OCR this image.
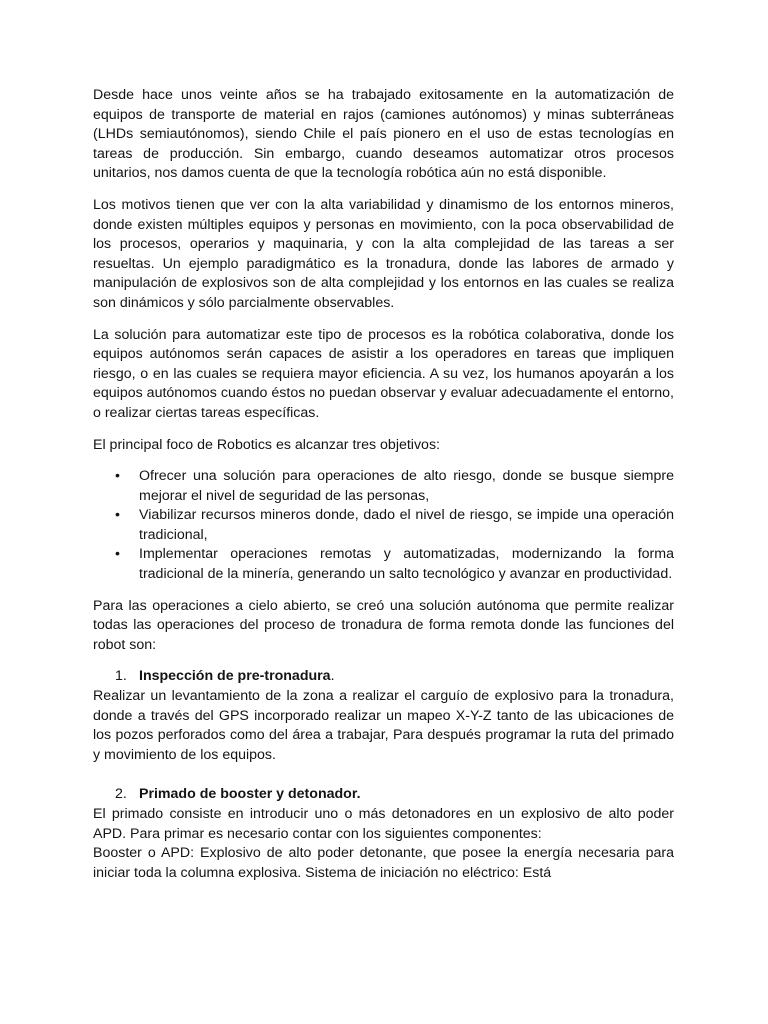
Desde hace unos veinte años se ha trabajado exitosamente en la automatización de equipos de transporte de material en rajos (camiones autónomos) y minas subterráneas (LHDs semiautónomos), siendo Chile el país pionero en el uso de estas tecnologías en tareas de producción. Sin embargo, cuando deseamos automatizar otros procesos unitarios, nos damos cuenta de que la tecnología robótica aún no está disponible.

Los motivos tienen que ver con la alta variabilidad y dinamismo de los entornos mineros, donde existen múltiples equipos y personas en movimiento, con la poca observabilidad de los procesos, operarios y maquinaria, y con la alta complejidad de las tareas a ser resueltas. Un ejemplo paradigmático es la tronadura, donde las labores de armado y manipulación de explosivos son de alta complejidad y los entornos en las cuales se realiza son dinámicos y sólo parcialmente observables.

La solución para automatizar este tipo de procesos es la robótica colaborativa, donde los equipos autónomos serán capaces de asistir a los operadores en tareas que impliquen riesgo, o en las cuales se requiera mayor eficiencia. A su vez, los humanos apoyarán a los equipos autónomos cuando éstos no puedan observar y evaluar adecuadamente el entorno, o realizar ciertas tareas específicas.

El principal foco de Robotics es alcanzar tres objetivos:

• Ofrecer una solución para operaciones de alto riesgo, donde se busque siempre mejorar el nivel de seguridad de las personas,
• Viabilizar recursos mineros donde, dado el nivel de riesgo, se impide una operación tradicional,
• Implementar operaciones remotas y automatizadas, modernizando la forma tradicional de la minería, generando un salto tecnológico y avanzar en productividad.

Para las operaciones a cielo abierto, se creó una solución autónoma que permite realizar todas las operaciones del proceso de tronadura de forma remota donde las funciones del robot son:

1. Inspección de pre-tronadura.
Realizar un levantamiento de la zona a realizar el carguío de explosivo para la tronadura, donde a través del GPS incorporado realizar un mapeo X-Y-Z tanto de las ubicaciones de los pozos perforados como del área a trabajar, Para después programar la ruta del primado y movimiento de los equipos.
2. Primado de booster y detonador.
El primado consiste en introducir uno o más detonadores en un explosivo de alto poder APD. Para primar es necesario contar con los siguientes componentes:
Booster o APD: Explosivo de alto poder detonante, que posee la energía necesaria para iniciar toda la columna explosiva. Sistema de iniciación no eléctrico: Está
